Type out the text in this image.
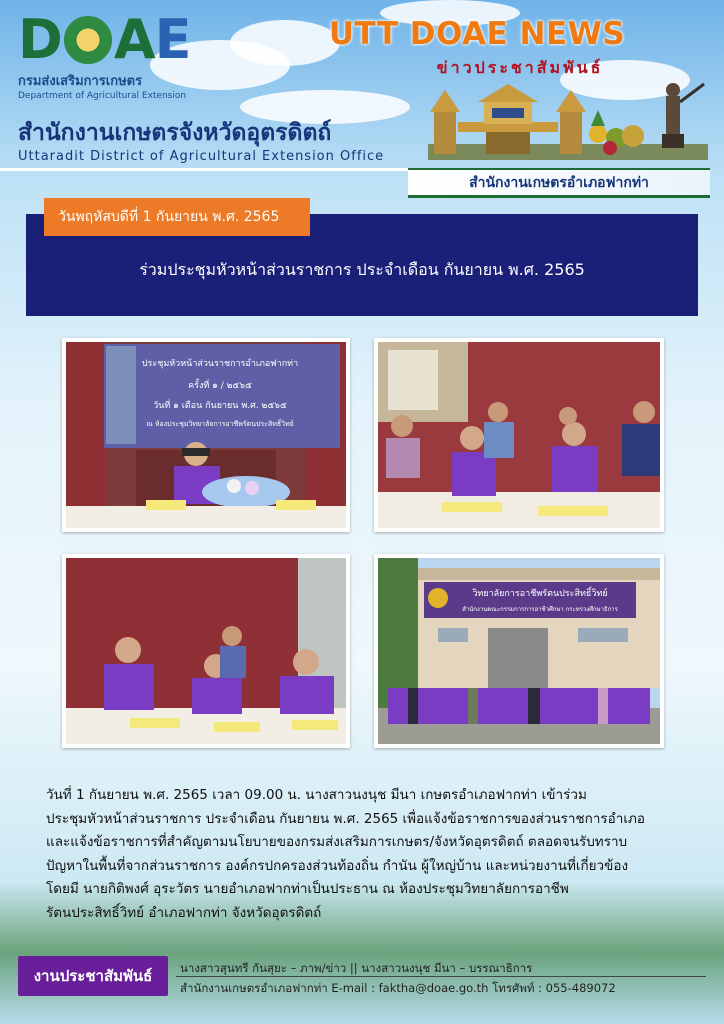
D A E
กรมส่งเสริมการเกษตร
Department of Agricultural Extension
UTT DOAE NEWS
ข่าวประชาสัมพันธ์
สำนักงานเกษตรจังหวัดอุตรดิตถ์
Uttaradit District of Agricultural Extension Office
สำนักงานเกษตรอำเภอฟากท่า
ร่วมประชุมหัวหน้าส่วนราชการ ประจำเดือน กันยายน พ.ศ. 2565
วันพฤหัสบดีที่ 1 กันยายน พ.ศ. 2565
ประชุมหัวหน้าส่วนราชการอำเภอฟากท่า
ครั้งที่ ๑ / ๒๕๖๕
วันที่ ๑ เดือน กันยายน พ.ศ. ๒๕๖๕
ณ ห้องประชุมวิทยาลัยการอาชีพรัตนประสิทธิ์วิทย์
วิทยาลัยการอาชีพรัตนประสิทธิ์วิทย์
สำนักงานคณะกรรมการการอาชีวศึกษา กระทรวงศึกษาธิการ
วันที่ 1 กันยายน พ.ศ. 2565 เวลา 09.00 น. นางสาวนงนุช มีนา เกษตรอำเภอฟากท่า เข้าร่วม
ประชุมหัวหน้าส่วนราชการ ประจำเดือน กันยายน พ.ศ. 2565 เพื่อแจ้งข้อราชการของส่วนราชการอำเภอ
และแจ้งข้อราชการที่สำคัญตามนโยบายของกรมส่งเสริมการเกษตร/จังหวัดอุตรดิตถ์ ตลอดจนรับทราบ
ปัญหาในพื้นที่จากส่วนราชการ องค์กรปกครองส่วนท้องถิ่น กำนัน ผู้ใหญ่บ้าน และหน่วยงานที่เกี่ยวข้อง
โดยมี นายกิติพงศ์ อุระวัตร นายอำเภอฟากท่าเป็นประธาน ณ ห้องประชุมวิทยาลัยการอาชีพ
รัตนประสิทธิ์วิทย์ อำเภอฟากท่า จังหวัดอุตรดิตถ์
งานประชาสัมพันธ์	นางสาวสุนทรี กันสุยะ – ภาพ/ข่าว || นางสาวนงนุช มีนา – บรรณาธิการ
สำนักงานเกษตรอำเภอฟากท่า E-mail : faktha@doae.go.th โทรศัพท์ : 055-489072
